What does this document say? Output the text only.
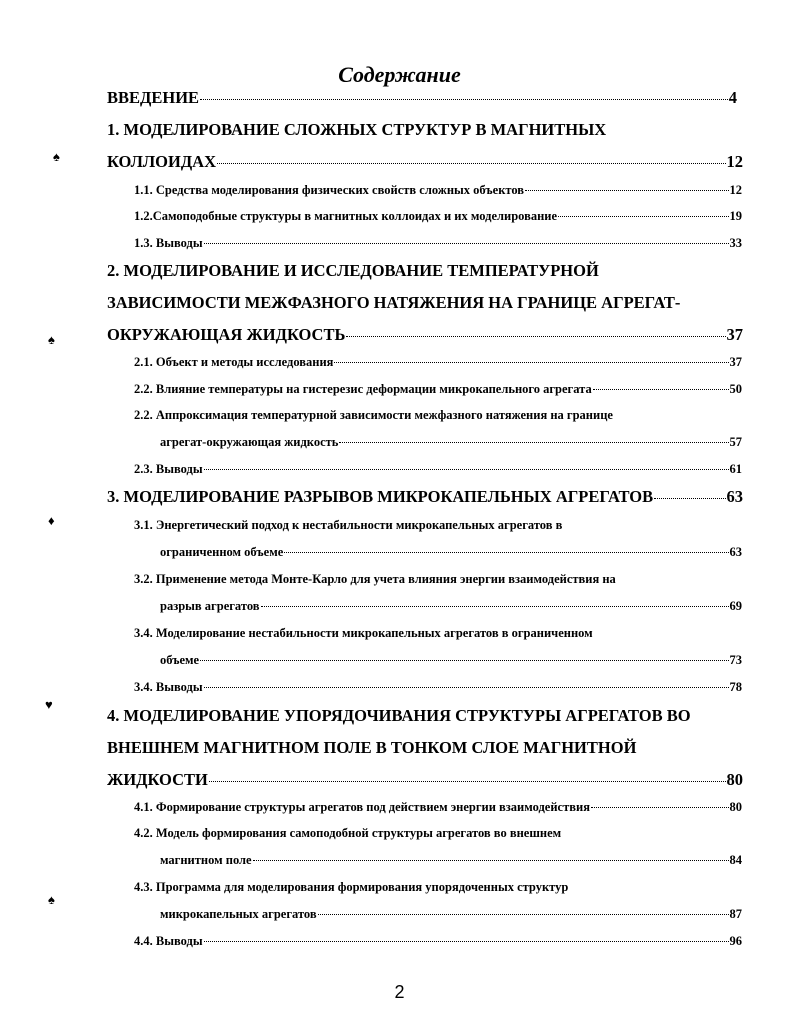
Содержание
ВВЕДЕНИЕ	4
1. МОДЕЛИРОВАНИЕ СЛОЖНЫХ СТРУКТУР В МАГНИТНЫХ
КОЛЛОИДАХ	12
1.1. Средства моделирования физических свойств сложных объектов	12
1.2.Самоподобные структуры в магнитных коллоидах и их моделирование	19
1.3. Выводы	33
2. МОДЕЛИРОВАНИЕ И ИССЛЕДОВАНИЕ ТЕМПЕРАТУРНОЙ
ЗАВИСИМОСТИ МЕЖФАЗНОГО НАТЯЖЕНИЯ НА ГРАНИЦЕ АГРЕГАТ-
ОКРУЖАЮЩАЯ ЖИДКОСТЬ	37
2.1. Объект и методы исследования	37
2.2. Влияние температуры на гистерезис деформации микрокапельного агрегата	50
2.2. Аппроксимация температурной зависимости межфазного натяжения на границе
агрегат-окружающая жидкость	57
2.3. Выводы	61
3. МОДЕЛИРОВАНИЕ РАЗРЫВОВ МИКРОКАПЕЛЬНЫХ АГРЕГАТОВ	63
3.1. Энергетический подход к нестабильности микрокапельных агрегатов в
ограниченном объеме	63
3.2. Применение метода Монте-Карло для учета влияния энергии взаимодействия на
разрыв агрегатов	69
3.4. Моделирование нестабильности микрокапельных агрегатов в ограниченном
объеме	73
3.4. Выводы	78
4. МОДЕЛИРОВАНИЕ УПОРЯДОЧИВАНИЯ СТРУКТУРЫ АГРЕГАТОВ ВО
ВНЕШНЕМ МАГНИТНОМ ПОЛЕ В ТОНКОМ СЛОЕ МАГНИТНОЙ
ЖИДКОСТИ	80
4.1. Формирование структуры агрегатов под действием энергии взаимодействия	80
4.2. Модель формирования самоподобной структуры агрегатов во внешнем
магнитном поле	84
4.3. Программа для моделирования формирования упорядоченных структур
микрокапельных агрегатов	87
4.4. Выводы	96
♠
♠
♦
♥
♠
2
